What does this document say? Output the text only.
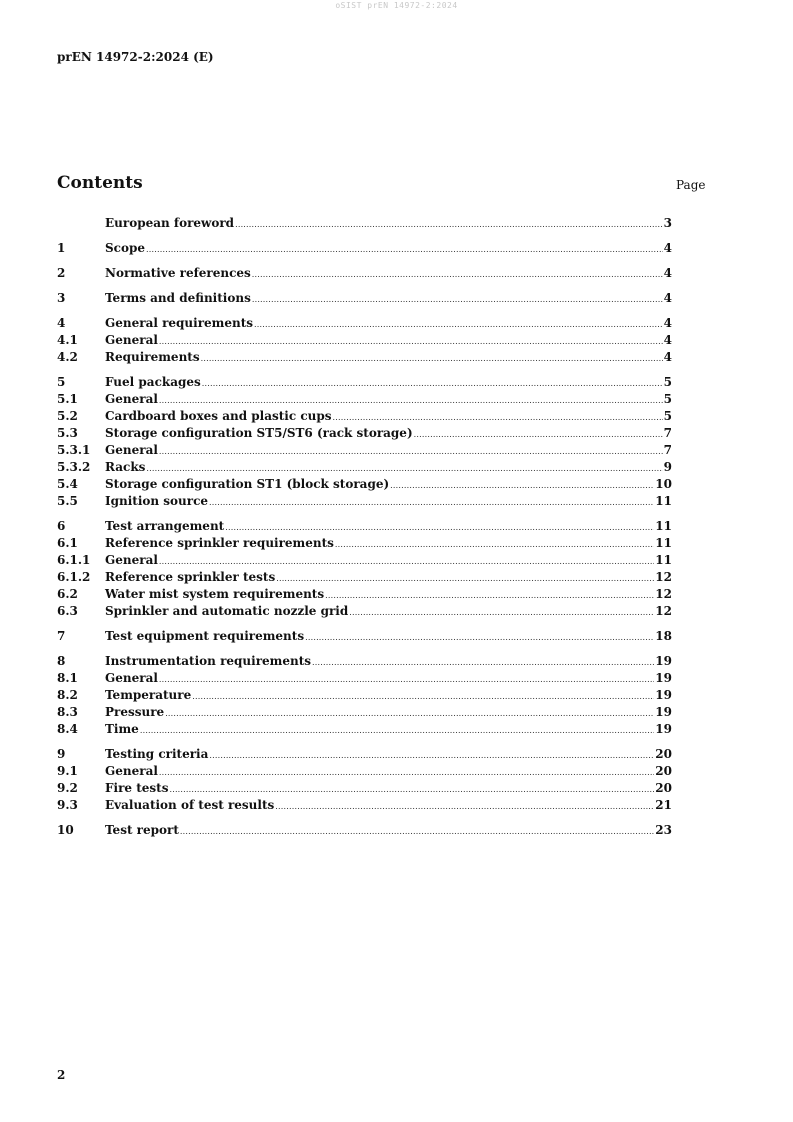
oSIST prEN 14972-2:2024
prEN 14972-2:2024 (E)
Contents	Page
European foreword .....	3
1	Scope .....	4
2	Normative references .....	4
3	Terms and definitions .....	4
4	General requirements .....	4
4.1	General .....	4
4.2	Requirements .....	4
5	Fuel packages .....	5
5.1	General .....	5
5.2	Cardboard boxes and plastic cups .....	5
5.3	Storage configuration ST5/ST6 (rack storage) .....	7
5.3.1	General .....	7
5.3.2	Racks .....	9
5.4	Storage configuration ST1 (block storage) .....	10
5.5	Ignition source .....	11
6	Test arrangement .....	11
6.1	Reference sprinkler requirements .....	11
6.1.1	General .....	11
6.1.2	Reference sprinkler tests .....	12
6.2	Water mist system requirements .....	12
6.3	Sprinkler and automatic nozzle grid .....	12
7	Test equipment requirements .....	18
8	Instrumentation requirements .....	19
8.1	General .....	19
8.2	Temperature .....	19
8.3	Pressure .....	19
8.4	Time .....	19
9	Testing criteria .....	20
9.1	General .....	20
9.2	Fire tests .....	20
9.3	Evaluation of test results .....	21
10	Test report .....	23
2
